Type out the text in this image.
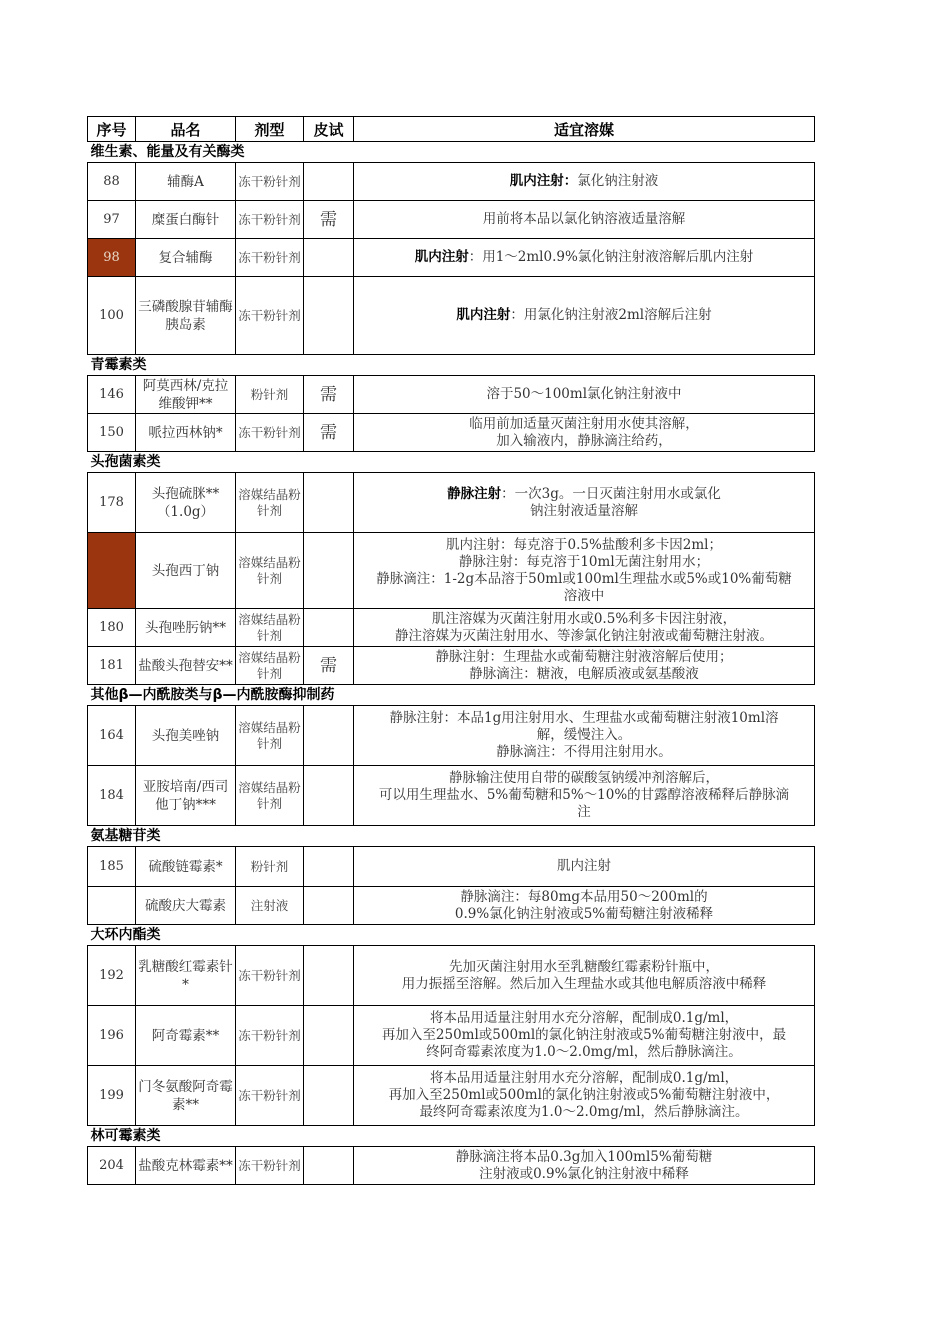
序号	品名	剂型	皮试	适宜溶媒
维生素、能量及有关酶类				
88	辅酶A	冻干粉针剂		肌内注射：氯化钠注射液

97	糜蛋白酶针	冻干粉针剂	需	用前将本品以氯化钠溶液适量溶解

98	复合辅酶	冻干粉针剂		肌内注射：用1～2ml0.9%氯化钠注射液溶解后肌内注射

100	三磷酸腺苷辅酶胰岛素	冻干粉针剂		肌内注射：用氯化钠注射液2ml溶解后注射

青霉素类				
146	阿莫西林/克拉维酸钾**	粉针剂	需	溶于50～100ml氯化钠注射液中

150	哌拉西林钠*	冻干粉针剂	需	临用前加适量灭菌注射用水使其溶解，
加入输液内，静脉滴注给药，

头孢菌素类				
178	头孢硫脒**（1.0g）	溶媒结晶粉针剂		静脉注射：一次3g。一日灭菌注射用水或氯化
钠注射液适量溶解

	头孢西丁钠	溶媒结晶粉针剂		肌内注射：每克溶于0.5%盐酸利多卡因2ml；
静脉注射：每克溶于10ml无菌注射用水；
静脉滴注：1-2g本品溶于50ml或100ml生理盐水或5%或10%葡萄糖
溶液中

180	头孢唑肟钠**	溶媒结晶粉针剂		肌注溶媒为灭菌注射用水或0.5%利多卡因注射液，
静注溶媒为灭菌注射用水、等渗氯化钠注射液或葡萄糖注射液。

181	盐酸头孢替安**	溶媒结晶粉针剂	需	静脉注射：生理盐水或葡萄糖注射液溶解后使用；
静脉滴注：糖液，电解质液或氨基酸液

其他β—内酰胺类与β—内酰胺酶抑制药				
164	头孢美唑钠	溶媒结晶粉针剂		静脉注射：本品1g用注射用水、生理盐水或葡萄糖注射液10ml溶
解，缓慢注入。
静脉滴注：不得用注射用水。

184	亚胺培南/西司他丁钠***	溶媒结晶粉针剂		静脉输注使用自带的碳酸氢钠缓冲剂溶解后，
可以用生理盐水、5%葡萄糖和5%～10%的甘露醇溶液稀释后静脉滴
注

氨基糖苷类				
185	硫酸链霉素*	粉针剂		肌内注射

	硫酸庆大霉素	注射液		静脉滴注：每80mg本品用50～200ml的
0.9%氯化钠注射液或5%葡萄糖注射液稀释

大环内酯类				
192	乳糖酸红霉素针*	冻干粉针剂		先加灭菌注射用水至乳糖酸红霉素粉针瓶中，
用力振摇至溶解。然后加入生理盐水或其他电解质溶液中稀释

196	阿奇霉素**	冻干粉针剂		将本品用适量注射用水充分溶解，配制成0.1g/ml，
再加入至250ml或500ml的氯化钠注射液或5%葡萄糖注射液中，最
终阿奇霉素浓度为1.0～2.0mg/ml，然后静脉滴注。

199	门冬氨酸阿奇霉素**	冻干粉针剂		将本品用适量注射用水充分溶解，配制成0.1g/ml，
再加入至250ml或500ml的氯化钠注射液或5%葡萄糖注射液中，
最终阿奇霉素浓度为1.0～2.0mg/ml，然后静脉滴注。

林可霉素类				
204	盐酸克林霉素**	冻干粉针剂		静脉滴注将本品0.3g加入100ml5%葡萄糖
注射液或0.9%氯化钠注射液中稀释
